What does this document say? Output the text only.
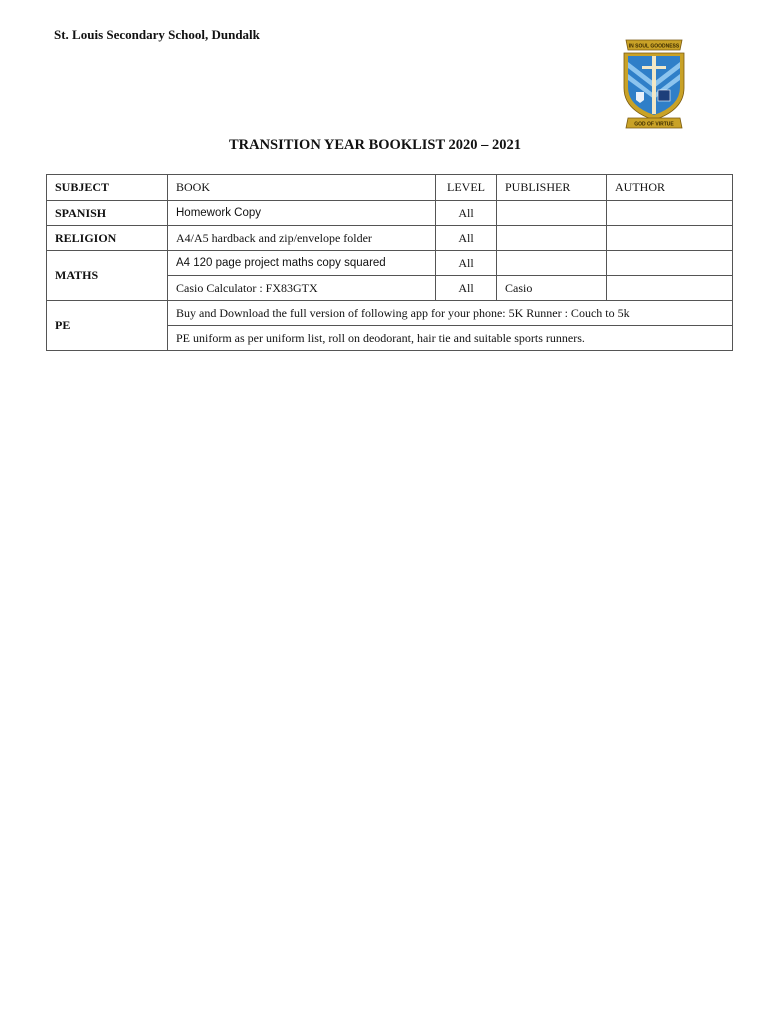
St. Louis Secondary School, Dundalk
IN SOUL GOODNESS
GOD OF VIRTUE
TRANSITION YEAR BOOKLIST 2020 – 2021
SUBJECT	BOOK	LEVEL	PUBLISHER	AUTHOR
SPANISH	Homework Copy	All		
RELIGION	A4/A5 hardback and zip/envelope folder	All		
MATHS	A4 120 page project maths copy squared	All		
	Casio Calculator : FX83GTX	All	Casio	
PE	Buy and Download the full version of following app for your phone: 5K Runner : Couch to 5k			
	PE uniform as per uniform list, roll on deodorant, hair tie and suitable sports runners.			
